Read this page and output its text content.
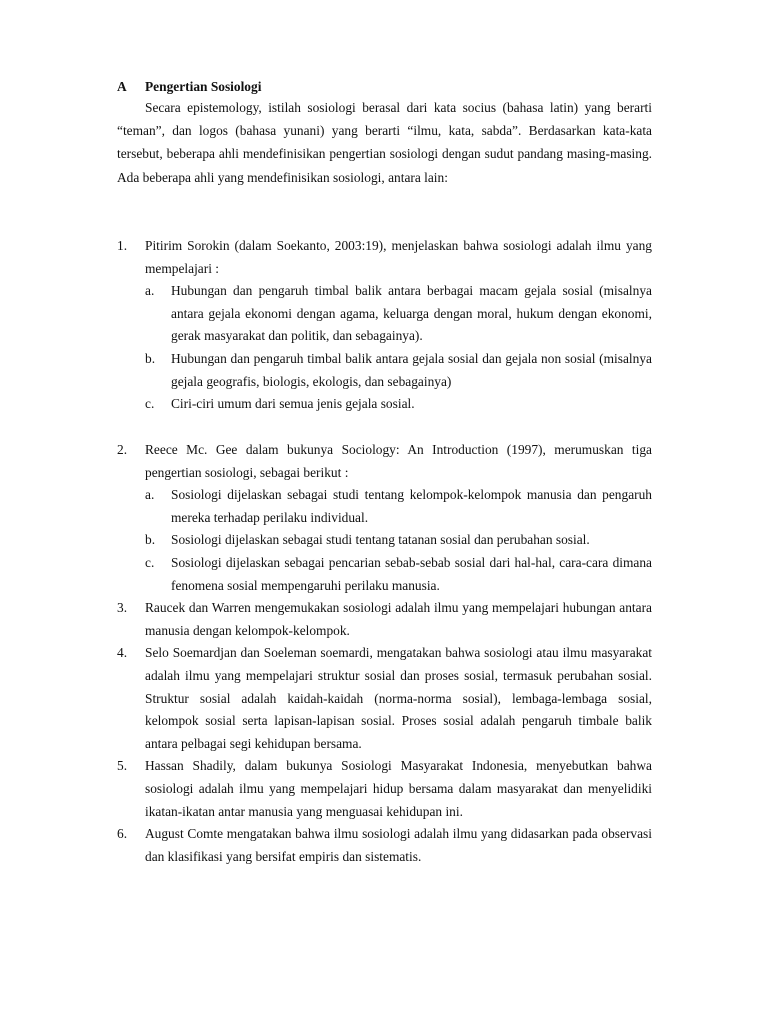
A Pengertian Sosiologi

Secara epistemology, istilah sosiologi berasal dari kata socius (bahasa latin) yang berarti “teman”, dan logos (bahasa yunani) yang berarti “ilmu, kata, sabda”. Berdasarkan kata-kata tersebut, beberapa ahli mendefinisikan pengertian sosiologi dengan sudut pandang masing-masing. Ada beberapa ahli yang mendefinisikan sosiologi, antara lain:

1. Pitirim Sorokin (dalam Soekanto, 2003:19), menjelaskan bahwa sosiologi adalah ilmu yang mempelajari :
a. Hubungan dan pengaruh timbal balik antara berbagai macam gejala sosial (misalnya antara gejala ekonomi dengan agama, keluarga dengan moral, hukum dengan ekonomi, gerak masyarakat dan politik, dan sebagainya).
b. Hubungan dan pengaruh timbal balik antara gejala sosial dan gejala non sosial (misalnya gejala geografis, biologis, ekologis, dan sebagainya)
c. Ciri-ciri umum dari semua jenis gejala sosial.
2. Reece Mc. Gee dalam bukunya Sociology: An Introduction (1997), merumuskan tiga pengertian sosiologi, sebagai berikut :
a. Sosiologi dijelaskan sebagai studi tentang kelompok-kelompok manusia dan pengaruh mereka terhadap perilaku individual.
b. Sosiologi dijelaskan sebagai studi tentang tatanan sosial dan perubahan sosial.
c. Sosiologi dijelaskan sebagai pencarian sebab-sebab sosial dari hal-hal, cara-cara dimana fenomena sosial mempengaruhi perilaku manusia.
3. Raucek dan Warren mengemukakan sosiologi adalah ilmu yang mempelajari hubungan antara manusia dengan kelompok-kelompok.
4. Selo Soemardjan dan Soeleman soemardi, mengatakan bahwa sosiologi atau ilmu masyarakat adalah ilmu yang mempelajari struktur sosial dan proses sosial, termasuk perubahan sosial. Struktur sosial adalah kaidah-kaidah (norma-norma sosial), lembaga-lembaga sosial, kelompok sosial serta lapisan-lapisan sosial. Proses sosial adalah pengaruh timbale balik antara pelbagai segi kehidupan bersama.
5. Hassan Shadily, dalam bukunya Sosiologi Masyarakat Indonesia, menyebutkan bahwa sosiologi adalah ilmu yang mempelajari hidup bersama dalam masyarakat dan menyelidiki ikatan-ikatan antar manusia yang menguasai kehidupan ini.
6. August Comte mengatakan bahwa ilmu sosiologi adalah ilmu yang didasarkan pada observasi dan klasifikasi yang bersifat empiris dan sistematis.
